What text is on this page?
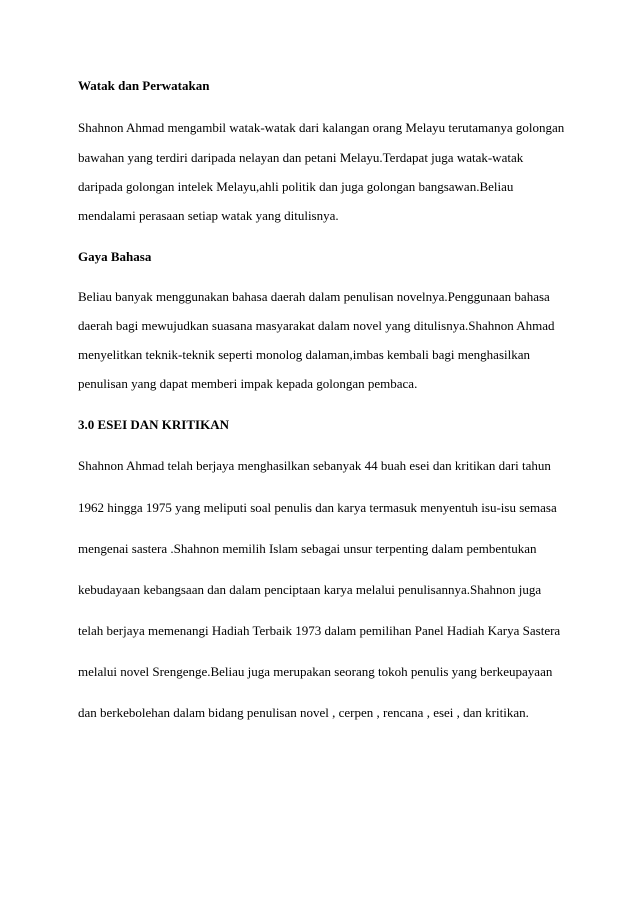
Watak dan Perwatakan
Shahnon Ahmad mengambil watak-watak dari kalangan orang Melayu terutamanya golongan
bawahan yang terdiri daripada nelayan dan petani Melayu.Terdapat juga watak-watak
daripada golongan intelek Melayu,ahli politik dan juga golongan bangsawan.Beliau
mendalami perasaan setiap watak yang ditulisnya.
Gaya Bahasa
Beliau banyak menggunakan bahasa daerah dalam penulisan novelnya.Penggunaan bahasa
daerah bagi mewujudkan suasana masyarakat dalam novel yang ditulisnya.Shahnon Ahmad
menyelitkan teknik-teknik seperti monolog dalaman,imbas kembali bagi menghasilkan
penulisan yang dapat memberi impak kepada golongan pembaca.
3.0 ESEI DAN KRITIKAN
Shahnon Ahmad telah berjaya menghasilkan sebanyak 44 buah esei dan kritikan dari tahun
1962 hingga 1975 yang meliputi soal penulis dan karya termasuk menyentuh isu-isu semasa
mengenai sastera .Shahnon memilih Islam sebagai unsur terpenting dalam pembentukan
kebudayaan kebangsaan dan dalam penciptaan karya melalui penulisannya.Shahnon juga
telah berjaya memenangi Hadiah Terbaik 1973 dalam pemilihan Panel Hadiah Karya Sastera
melalui novel Srengenge.Beliau juga merupakan seorang tokoh penulis yang berkeupayaan
dan berkebolehan dalam bidang penulisan novel , cerpen , rencana , esei , dan kritikan.
